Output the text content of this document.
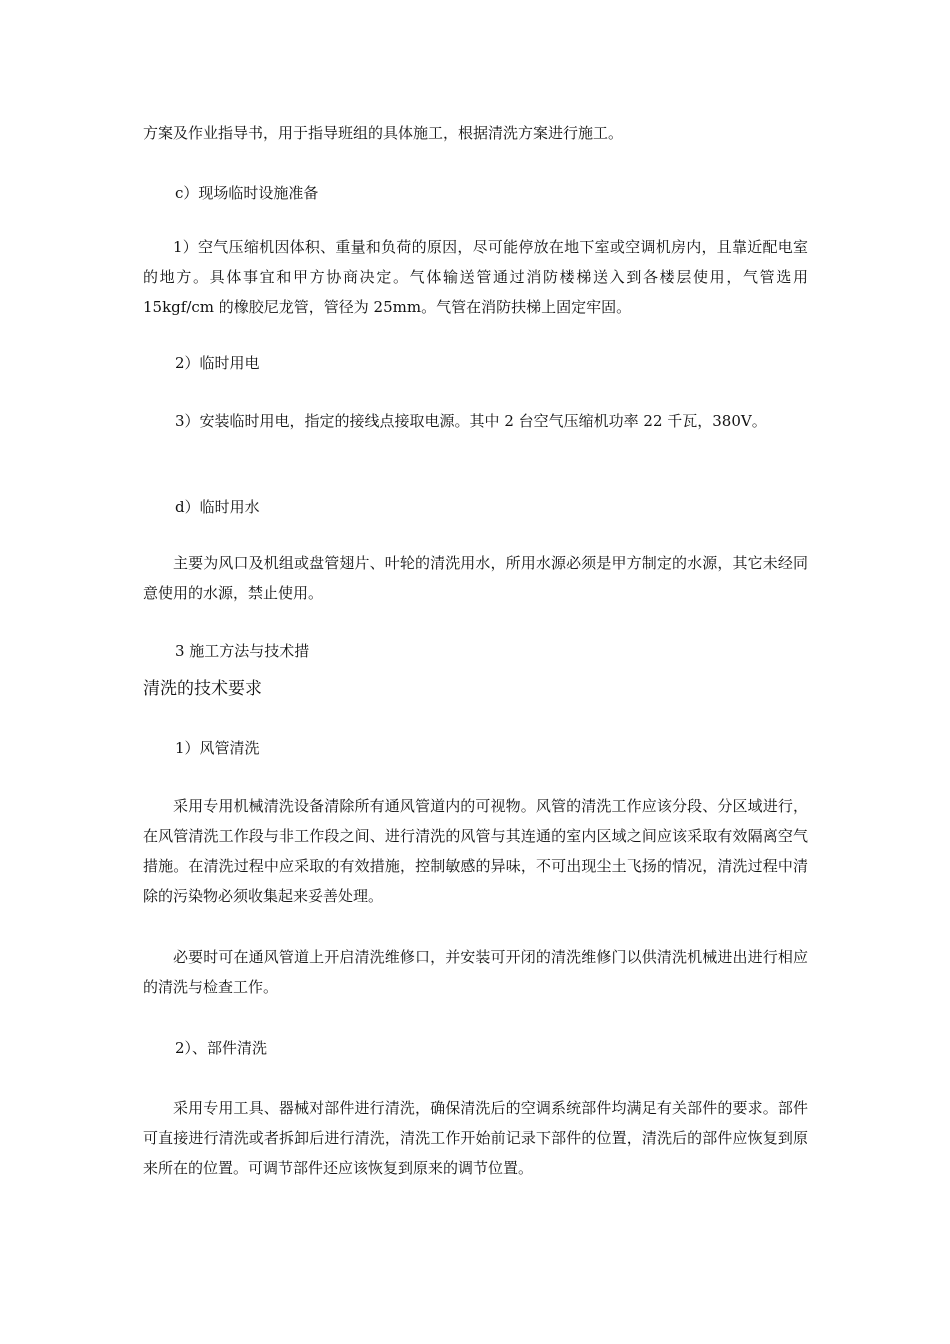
方案及作业指导书，用于指导班组的具体施工，根据清洗方案进行施工。
c）现场临时设施准备
1）空气压缩机因体积、重量和负荷的原因，尽可能停放在地下室或空调机房内，且靠近配电室的地方。具体事宜和甲方协商决定。气体输送管通过消防楼梯送入到各楼层使用，气管选用 15kgf/cm 的橡胶尼龙管，管径为 25mm。气管在消防扶梯上固定牢固。
2）临时用电
3）安装临时用电，指定的接线点接取电源。其中 2 台空气压缩机功率 22 千瓦，380V。
d）临时用水
主要为风口及机组或盘管翅片、叶轮的清洗用水，所用水源必须是甲方制定的水源，其它未经同意使用的水源，禁止使用。
3 施工方法与技术措
清洗的技术要求
1）风管清洗
采用专用机械清洗设备清除所有通风管道内的可视物。风管的清洗工作应该分段、分区域进行，在风管清洗工作段与非工作段之间、进行清洗的风管与其连通的室内区域之间应该采取有效隔离空气措施。在清洗过程中应采取的有效措施，控制敏感的异味，不可出现尘土飞扬的情况，清洗过程中清除的污染物必须收集起来妥善处理。
必要时可在通风管道上开启清洗维修口，并安装可开闭的清洗维修门以供清洗机械进出进行相应的清洗与检查工作。
2）、部件清洗
采用专用工具、器械对部件进行清洗，确保清洗后的空调系统部件均满足有关部件的要求。部件可直接进行清洗或者拆卸后进行清洗，清洗工作开始前记录下部件的位置，清洗后的部件应恢复到原来所在的位置。可调节部件还应该恢复到原来的调节位置。
